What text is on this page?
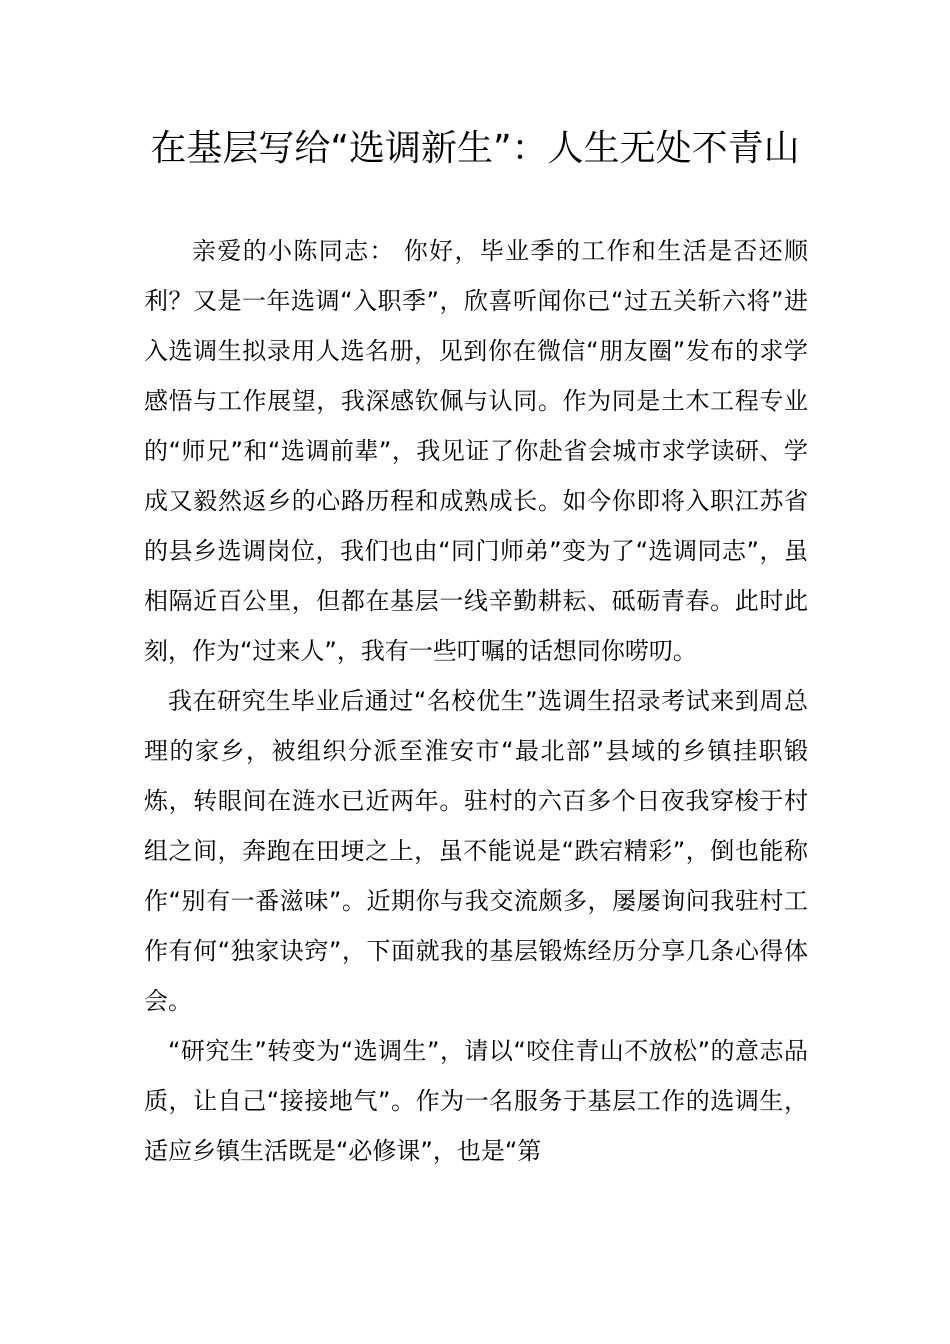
在基层写给“选调新生”：人生无处不青山

亲爱的小陈同志： 你好，毕业季的工作和生活是否还顺利？又是一年选调“入职季”，欣喜听闻你已“过五关斩六将”进入选调生拟录用人选名册，见到你在微信“朋友圈”发布的求学感悟与工作展望，我深感钦佩与认同。作为同是土木工程专业的“师兄”和“选调前辈”，我见证了你赴省会城市求学读研、学成又毅然返乡的心路历程和成熟成长。如今你即将入职江苏省的县乡选调岗位，我们也由“同门师弟”变为了“选调同志”，虽相隔近百公里，但都在基层一线辛勤耕耘、砥砺青春。此时此刻，作为“过来人”，我有一些叮嘱的话想同你唠叨。

我在研究生毕业后通过“名校优生”选调生招录考试来到周总理的家乡，被组织分派至淮安市“最北部”县域的乡镇挂职锻炼，转眼间在涟水已近两年。驻村的六百多个日夜我穿梭于村组之间，奔跑在田埂之上，虽不能说是“跌宕精彩”，倒也能称作“别有一番滋味”。近期你与我交流颇多，屡屡询问我驻村工作有何“独家诀窍”，下面就我的基层锻炼经历分享几条心得体会。

“研究生”转变为“选调生”，请以“咬住青山不放松”的意志品质，让自己“接接地气”。作为一名服务于基层工作的选调生，适应乡镇生活既是“必修课”，也是“第
